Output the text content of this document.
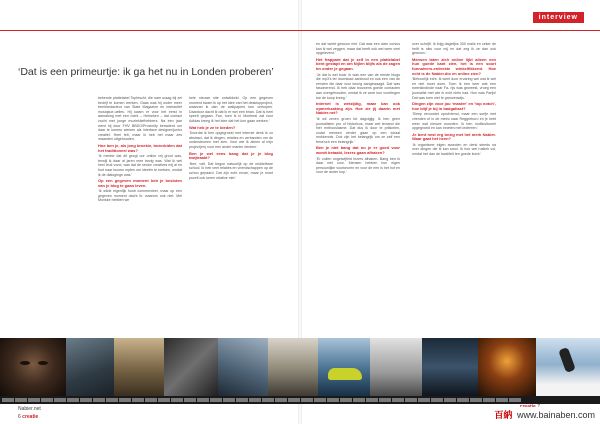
interview
‘Dat is een primeurtje: ik ga het nu in Londen proberen’

bekende plattelabel Tophtscht, die nam uraag bij zei bedrijf te komen werken. Gaas was hij ooder meer beeldredacteur van State Magazine en interactief musiqkue-uelles. Hij kwam er voor het eerst in aanraking met een merk – Heineken – dat contact zocht met jonge muziekliefhebbers. Na een jaar werd hij door FHV BBDO/Proximity benaderd om daar te komen werken als interface designer/junior creatief. Heel felt. maar ik heb het maar zes maanden uitgehouden.

Hoe ben je, als jong broekie, bezorbiden dat het traditioneel was?

‘Ik merkte dat dit gezgt oor online vrij groot was, terwijl ik daar al jaren mee bezig was. Wat ik wel heel leuk vond, was dat de senior creatives mij al en fout naar buown mpten om ideeën te toetsen, omdat ik de dialoginge was.’

Op een gegeven moment heb je besloten van je blog te gaan leven.

‘Ik wilde eigenlijk hooit commercieel, maar op een gegeven moment dacht ik: waarom ook niet. Mel Monkke hebben we

hele nieuwe site ontwikkeld. Op een gegeven moment kwam ik op het idee van het desktopproject, waarvan ik dan de wallpapers kon verkopen. Daardoor dacht ik dat ik er wel een brian. Dat is heel speelt gegaan. Fan, toen ik in Montreal zat voor Adidas kreeg ik het idee dat het kon gaan werken.’

Wat heb je ze te bieden?

‘Doordat ik ben opgegroeid met internet denk ik zo abstract, dat ik dingen, relaties en verbanden om de ondersteunen met zien. Voor wie ik alleen al mijn project(en) voor een ander manier denken.’

Ben je wel eens bang dat je je blog kwijtraakt?

‘Nee, valt. Dat begon natuurlijk op de middelbare school. Ik heb veel relaties en vriendschappen op de schoo gepaard. Dat zijn echt ervan, maar je moet puzell ook keren relative niet.’

en dat werkt gewoon niet. Dat was een dare cursus kan ik wel zeggen, maar dat heeft ook wel weer veel opgeleverd.’

Het frappant dat je zelf in een plattelabel bent gestapt en om Nijlen blijfs als de zagen bn onder je gegaan.

‘Je dat is wel boar. Ik was een van de eerste blogs die mp3’s ter download aanbood en ook een van de eersten die daar voor keurig aangewaagd. Dat was fascinerend. Ik heb daar trouwens goede contacten aan overgehouden, omdat ik ze woei kon voortlegen toe de koop kreeg.’

Internet is wetzijdig, maar kan ook opmerkzaking zijn. Hoe zie jij daarin met Nabier.net?

‘Ik wil zeven groen tot dagvigijg. Ik ben geen journalisten pro of historicus, maar wel iemand die hier enthousiasme. Dat dus ik door te prikkelen, zodat mensen verder gaan op een lokaal mokkennis. Ook zijn het belangrijk om ze zelf een ferra’sch een belangrijk.’

Ben je niet bang dat nu je er goed voor wordt betaald, lezers gaan afhaken?

‘Er zullen ongetwijfeld lezers afhaken. Bang ben ik daar niet voor. Mensen hebben hun eigen persoonlijke voorkeuren en voor de een is het hof en voor de ander kop.’

over schrijft. Ik krijg dagelijks 300 mails en zeker de helft is niks voor mij en dat zeg ik ze dan ook gewoon.’

Mensen laten zich online lijkt alleen een hun goede kant zien, het is een soort fonnalvers-entirekte winkelfikkend. Hoe echt is de Nabier.dio en online zien?

‘Behoorlijk echt. Ik weet door ervaring wel wat ik wel en niet moet doen. Toen ik een keer wat een ewenkindinde naar Fa- rijs was geweest, vroeg een journalist met wie ik echt niets had. Hun was Parijs! Dat was toen niet te grenzenwijs.’

Dingen zijn voor jou ‘master’ en ‘top notch’, hoe blijf je bij in badgaliast?

‘Sleep veroordet oprofviemd, maar een surfje met vrienden of in de metro naar Reggreboro en je hebt weer wat nieuwe woorden. Ik ben multicultureel opgegroeid en kan inneten met iedereen.’

Je bent nest erg bezig met het merk Nabier. Waar gaat het heen?

‘Ik organiseer eigen avonden en denk steeds na over dingen die ik kan smol. Ik hou wel rustiek vol, omdat het dan de kwaliteit ten goede komt.’

Nabier.net

6 creatie	百納 www.bainaben.com
